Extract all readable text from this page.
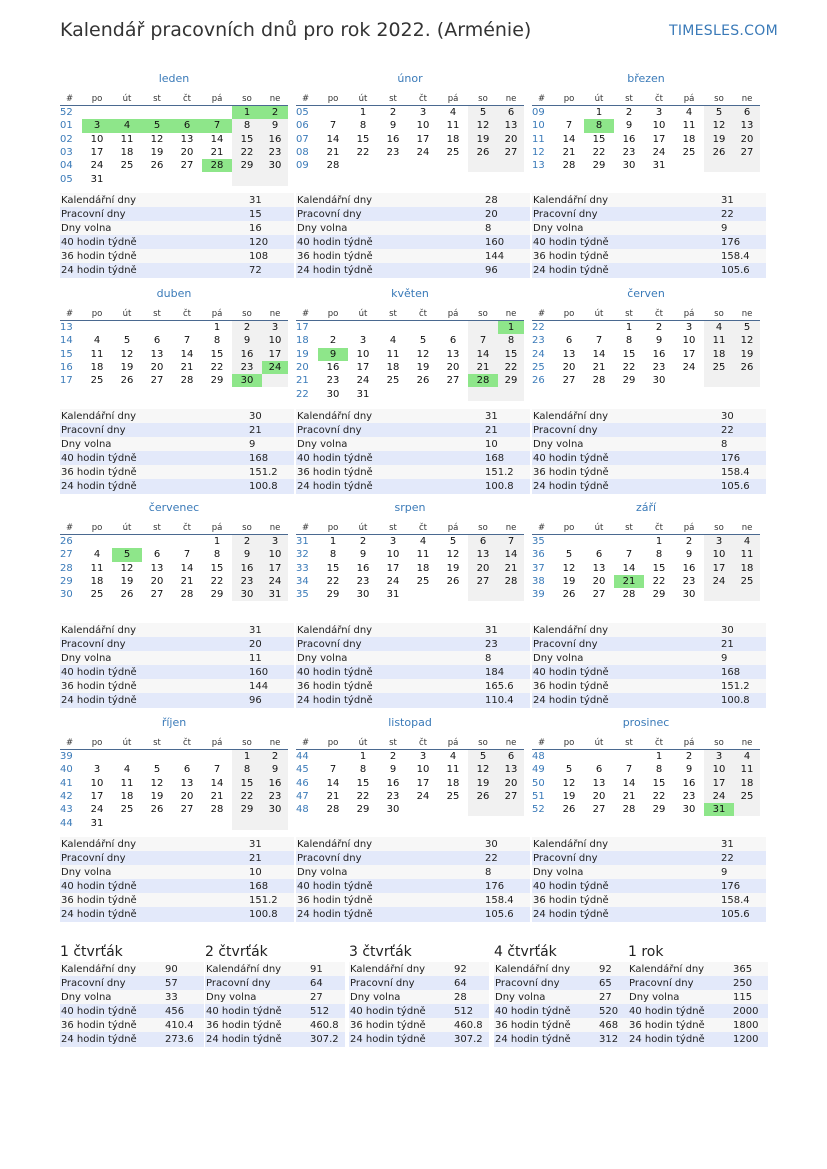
Kalendář pracovních dnů pro rok 2022. (Arménie)	TIMESLES.COM
leden
#	po	út	st	čt	pá	so	ne
52						1	2
01	3	4	5	6	7	8	9
02	10	11	12	13	14	15	16
03	17	18	19	20	21	22	23
04	24	25	26	27	28	29	30
05	31						
Kalendářní dny	31
Pracovní dny	15
Dny volna	16
40 hodin týdně	120
36 hodin týdně	108
24 hodin týdně	72
únor
#	po	út	st	čt	pá	so	ne
05		1	2	3	4	5	6
06	7	8	9	10	11	12	13
07	14	15	16	17	18	19	20
08	21	22	23	24	25	26	27
09	28						
Kalendářní dny	28
Pracovní dny	20
Dny volna	8
40 hodin týdně	160
36 hodin týdně	144
24 hodin týdně	96
březen
#	po	út	st	čt	pá	so	ne
09		1	2	3	4	5	6
10	7	8	9	10	11	12	13
11	14	15	16	17	18	19	20
12	21	22	23	24	25	26	27
13	28	29	30	31			
Kalendářní dny	31
Pracovní dny	22
Dny volna	9
40 hodin týdně	176
36 hodin týdně	158.4
24 hodin týdně	105.6
duben
#	po	út	st	čt	pá	so	ne
13					1	2	3
14	4	5	6	7	8	9	10
15	11	12	13	14	15	16	17
16	18	19	20	21	22	23	24
17	25	26	27	28	29	30	
Kalendářní dny	30
Pracovní dny	21
Dny volna	9
40 hodin týdně	168
36 hodin týdně	151.2
24 hodin týdně	100.8
květen
#	po	út	st	čt	pá	so	ne
17							1
18	2	3	4	5	6	7	8
19	9	10	11	12	13	14	15
20	16	17	18	19	20	21	22
21	23	24	25	26	27	28	29
22	30	31					
Kalendářní dny	31
Pracovní dny	21
Dny volna	10
40 hodin týdně	168
36 hodin týdně	151.2
24 hodin týdně	100.8
červen
#	po	út	st	čt	pá	so	ne
22			1	2	3	4	5
23	6	7	8	9	10	11	12
24	13	14	15	16	17	18	19
25	20	21	22	23	24	25	26
26	27	28	29	30			
Kalendářní dny	30
Pracovní dny	22
Dny volna	8
40 hodin týdně	176
36 hodin týdně	158.4
24 hodin týdně	105.6
červenec
#	po	út	st	čt	pá	so	ne
26					1	2	3
27	4	5	6	7	8	9	10
28	11	12	13	14	15	16	17
29	18	19	20	21	22	23	24
30	25	26	27	28	29	30	31
Kalendářní dny	31
Pracovní dny	20
Dny volna	11
40 hodin týdně	160
36 hodin týdně	144
24 hodin týdně	96
srpen
#	po	út	st	čt	pá	so	ne
31	1	2	3	4	5	6	7
32	8	9	10	11	12	13	14
33	15	16	17	18	19	20	21
34	22	23	24	25	26	27	28
35	29	30	31				
Kalendářní dny	31
Pracovní dny	23
Dny volna	8
40 hodin týdně	184
36 hodin týdně	165.6
24 hodin týdně	110.4
září
#	po	út	st	čt	pá	so	ne
35				1	2	3	4
36	5	6	7	8	9	10	11
37	12	13	14	15	16	17	18
38	19	20	21	22	23	24	25
39	26	27	28	29	30		
Kalendářní dny	30
Pracovní dny	21
Dny volna	9
40 hodin týdně	168
36 hodin týdně	151.2
24 hodin týdně	100.8
říjen
#	po	út	st	čt	pá	so	ne
39						1	2
40	3	4	5	6	7	8	9
41	10	11	12	13	14	15	16
42	17	18	19	20	21	22	23
43	24	25	26	27	28	29	30
44	31						
Kalendářní dny	31
Pracovní dny	21
Dny volna	10
40 hodin týdně	168
36 hodin týdně	151.2
24 hodin týdně	100.8
listopad
#	po	út	st	čt	pá	so	ne
44		1	2	3	4	5	6
45	7	8	9	10	11	12	13
46	14	15	16	17	18	19	20
47	21	22	23	24	25	26	27
48	28	29	30				
Kalendářní dny	30
Pracovní dny	22
Dny volna	8
40 hodin týdně	176
36 hodin týdně	158.4
24 hodin týdně	105.6
prosinec
#	po	út	st	čt	pá	so	ne
48				1	2	3	4
49	5	6	7	8	9	10	11
50	12	13	14	15	16	17	18
51	19	20	21	22	23	24	25
52	26	27	28	29	30	31	
Kalendářní dny	31
Pracovní dny	22
Dny volna	9
40 hodin týdně	176
36 hodin týdně	158.4
24 hodin týdně	105.6
1 čtvrťák
Kalendářní dny	90
Pracovní dny	57
Dny volna	33
40 hodin týdně	456
36 hodin týdně	410.4
24 hodin týdně	273.6
2 čtvrťák
Kalendářní dny	91
Pracovní dny	64
Dny volna	27
40 hodin týdně	512
36 hodin týdně	460.8
24 hodin týdně	307.2
3 čtvrťák
Kalendářní dny	92
Pracovní dny	64
Dny volna	28
40 hodin týdně	512
36 hodin týdně	460.8
24 hodin týdně	307.2
4 čtvrťák
Kalendářní dny	92
Pracovní dny	65
Dny volna	27
40 hodin týdně	520
36 hodin týdně	468
24 hodin týdně	312
1 rok
Kalendářní dny	365
Pracovní dny	250
Dny volna	115
40 hodin týdně	2000
36 hodin týdně	1800
24 hodin týdně	1200
